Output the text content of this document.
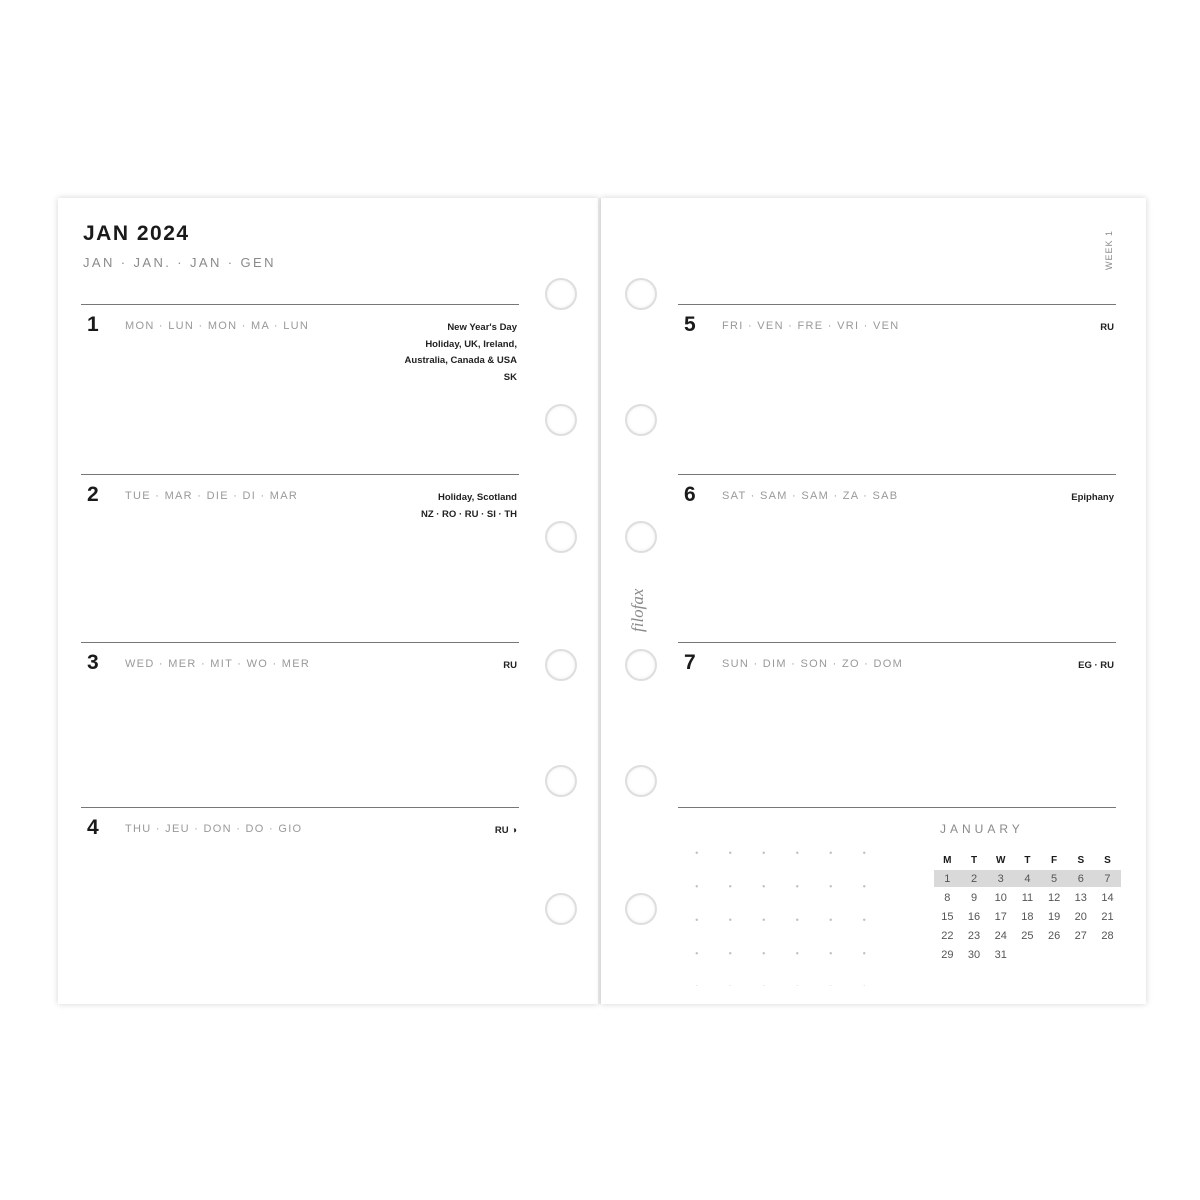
JAN 2024
JAN · JAN. · JAN · GEN	WEEK 1
1 MON · LUN · MON · MA · LUN	New Year's Day
Holiday, UK, Ireland,
Australia, Canada & USA
SK
2 TUE · MAR · DIE · DI · MAR	Holiday, Scotland
NZ · RO · RU · SI · TH
3 WED · MER · MIT · WO · MER	RU
4 THU · JEU · DON · DO · GIO	RU ◑
5 FRI · VEN · FRE · VRI · VEN	RU
6 SAT · SAM · SAM · ZA · SAB	Epiphany
7 SUN · DIM · SON · ZO · DOM	EG · RU
filofax
JANUARY
M	T	W	T	F	S	S
1	2	3	4	5	6	7
8	9	10	11	12	13	14
15	16	17	18	19	20	21
22	23	24	25	26	27	28
29	30	31
